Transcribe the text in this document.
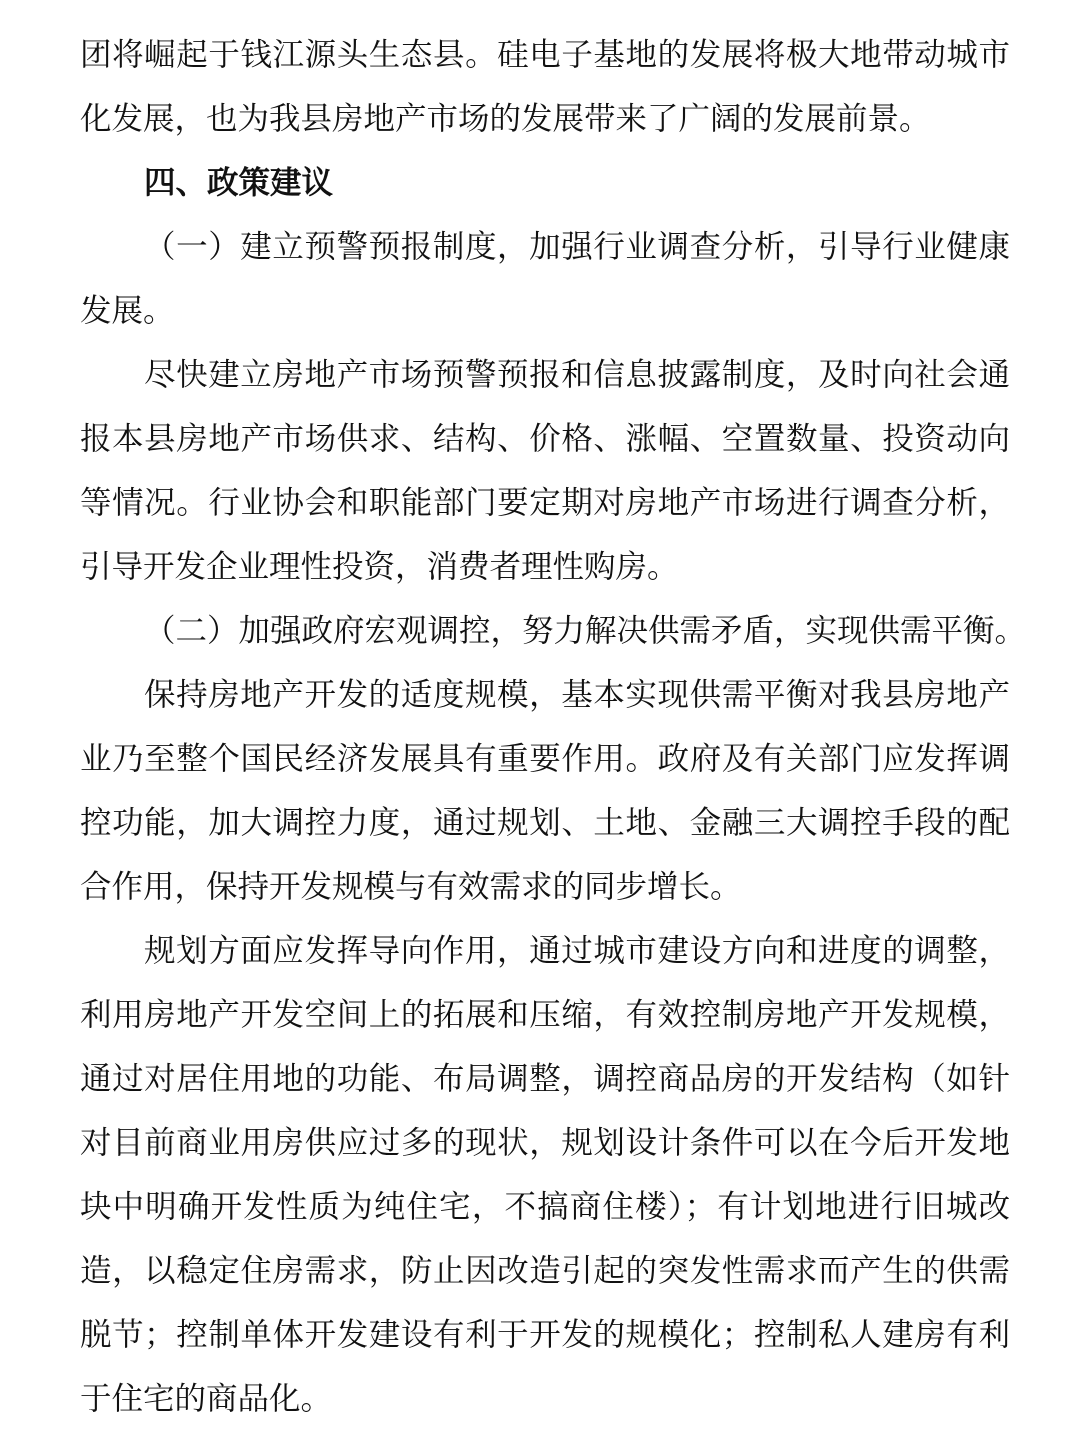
团将崛起于钱江源头生态县。硅电子基地的发展将极大地带动城市
化发展，也为我县房地产市场的发展带来了广阔的发展前景。
四、政策建议
（一）建立预警预报制度，加强行业调查分析，引导行业健康
发展。
尽快建立房地产市场预警预报和信息披露制度，及时向社会通
报本县房地产市场供求、结构、价格、涨幅、空置数量、投资动向
等情况。行业协会和职能部门要定期对房地产市场进行调查分析，
引导开发企业理性投资，消费者理性购房。
（二）加强政府宏观调控，努力解决供需矛盾，实现供需平衡。
保持房地产开发的适度规模，基本实现供需平衡对我县房地产
业乃至整个国民经济发展具有重要作用。政府及有关部门应发挥调
控功能，加大调控力度，通过规划、土地、金融三大调控手段的配
合作用，保持开发规模与有效需求的同步增长。
规划方面应发挥导向作用，通过城市建设方向和进度的调整，
利用房地产开发空间上的拓展和压缩，有效控制房地产开发规模，
通过对居住用地的功能、布局调整，调控商品房的开发结构（如针
对目前商业用房供应过多的现状，规划设计条件可以在今后开发地
块中明确开发性质为纯住宅，不搞商住楼）；有计划地进行旧城改
造，以稳定住房需求，防止因改造引起的突发性需求而产生的供需
脱节；控制单体开发建设有利于开发的规模化；控制私人建房有利
于住宅的商品化。
